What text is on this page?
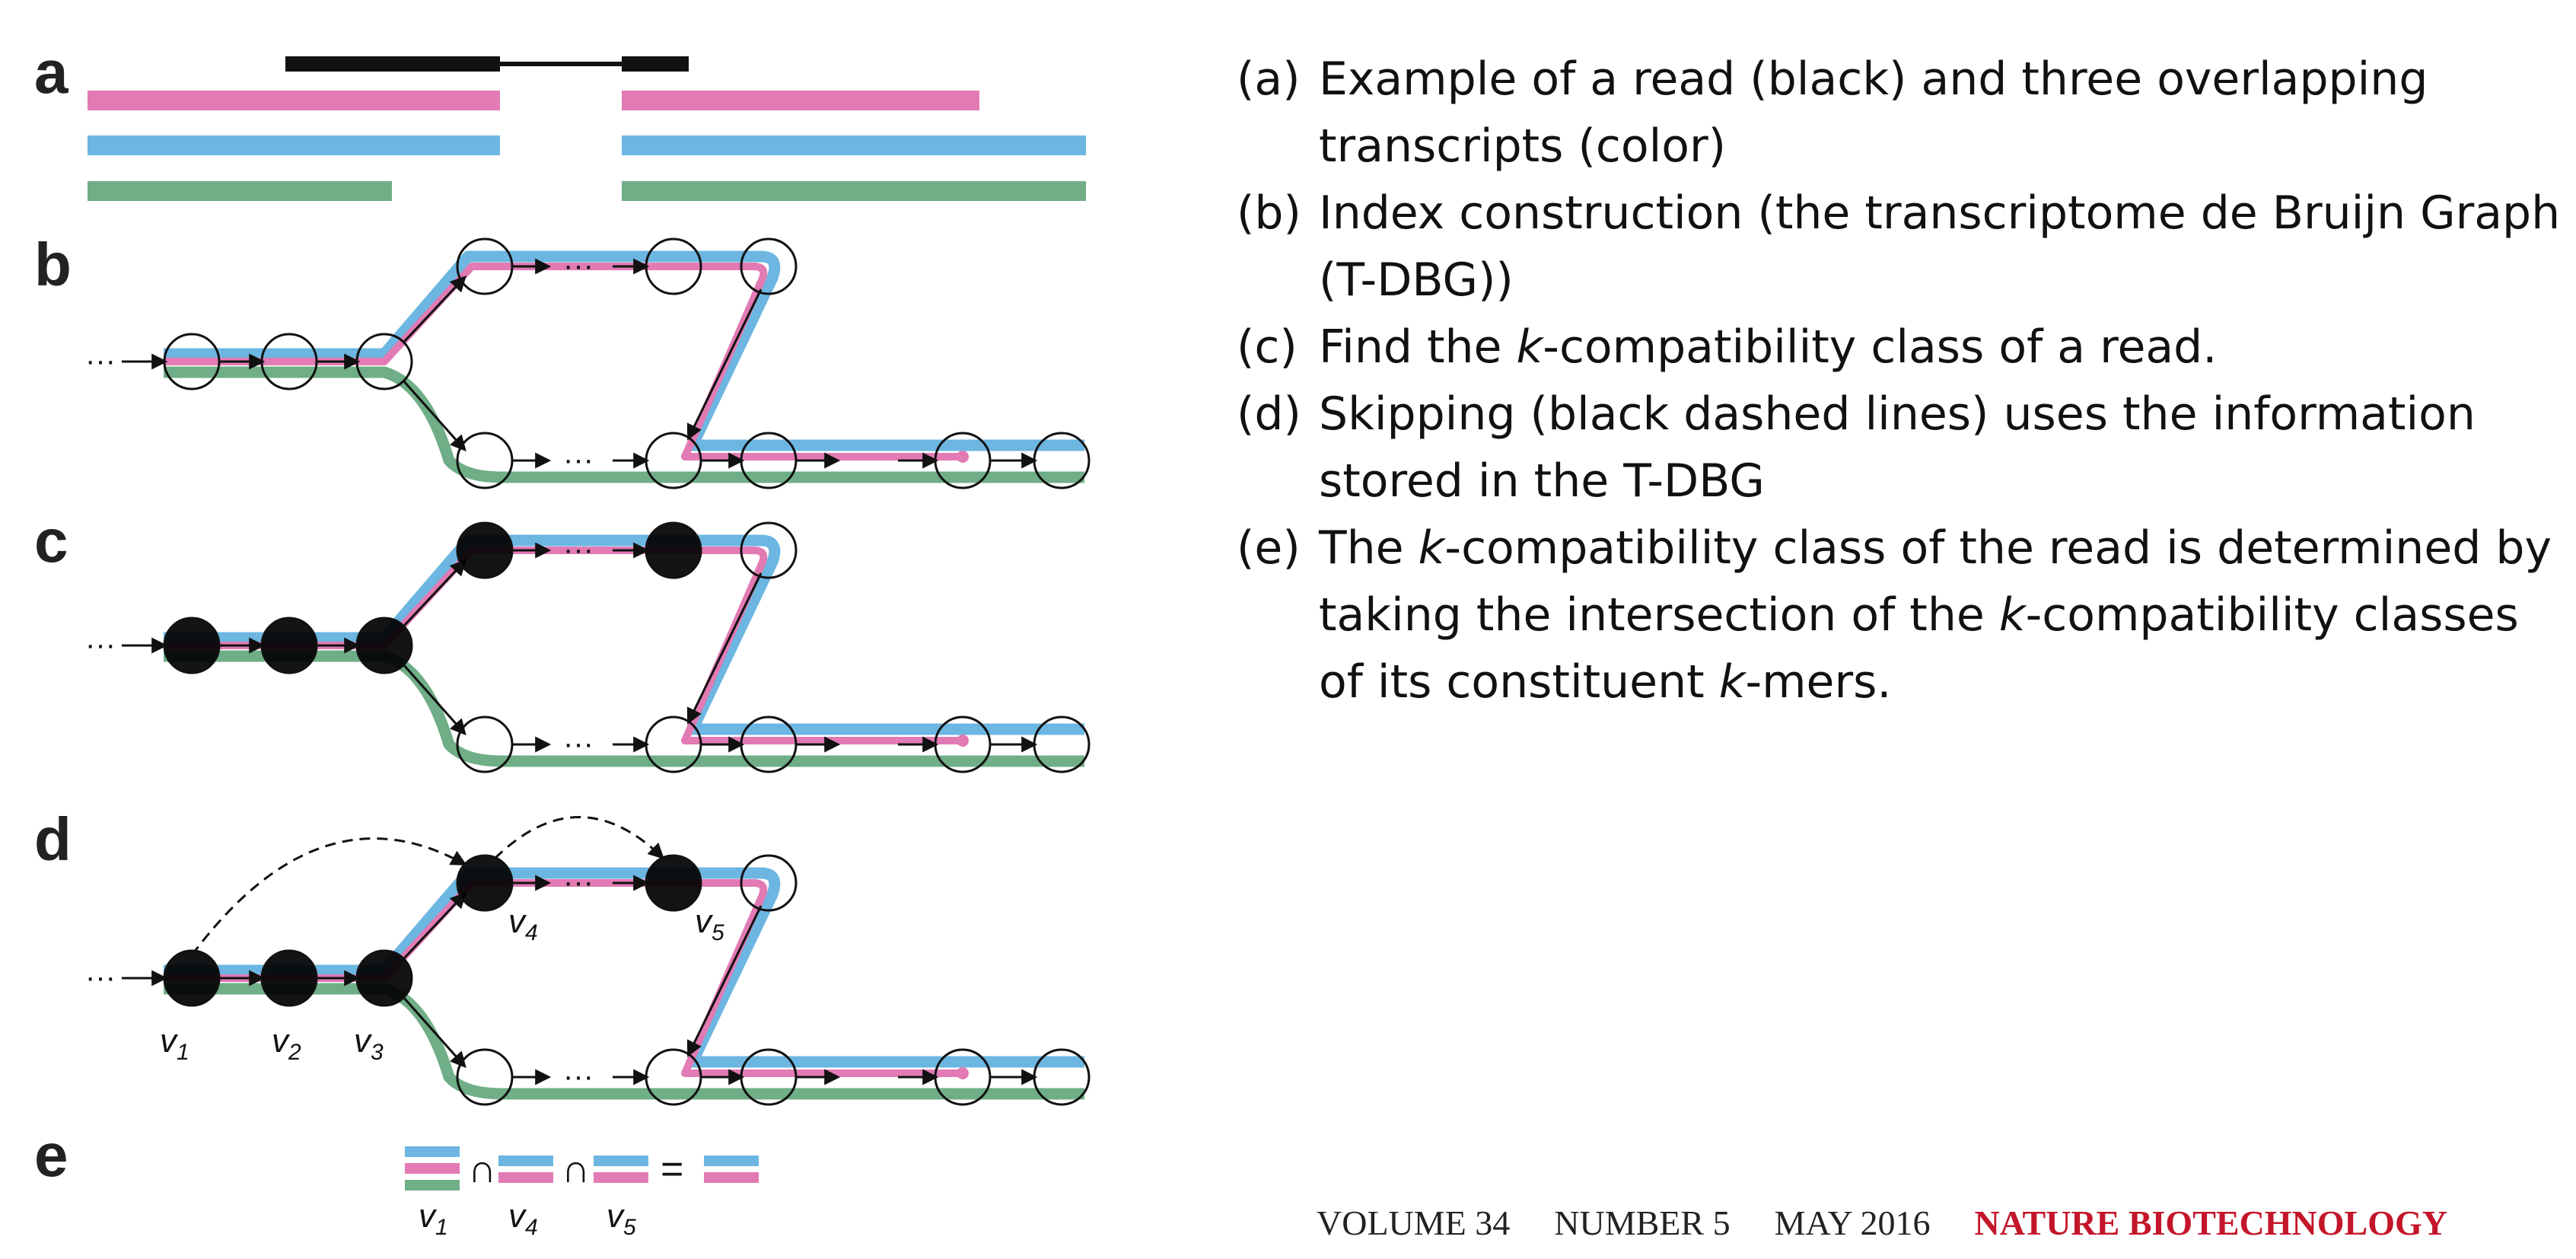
a
b
c
d
e
···
···
···
···
···
···
···
···
···
$v_1$ $v_2$ $v_3$
$v_4$	$v_5$
∩ ∩ =
$v_1$ $v_4$ $v_5$
(a) Example of a read (black) and three overlapping transcripts (color)
(b) Index construction (the transcriptome de Bruijn Graph (T-DBG))
(c) Find the k-compatibility class of a read.
(d) Skipping (black dashed lines) uses the information stored in the T-DBG
(e) The k-compatibility class of the read is determined by taking the intersection of the k-compatibility classes of its constituent k-mers.
VOLUME 34 NUMBER 5 MAY 2016 NATURE BIOTECHNOLOGY
